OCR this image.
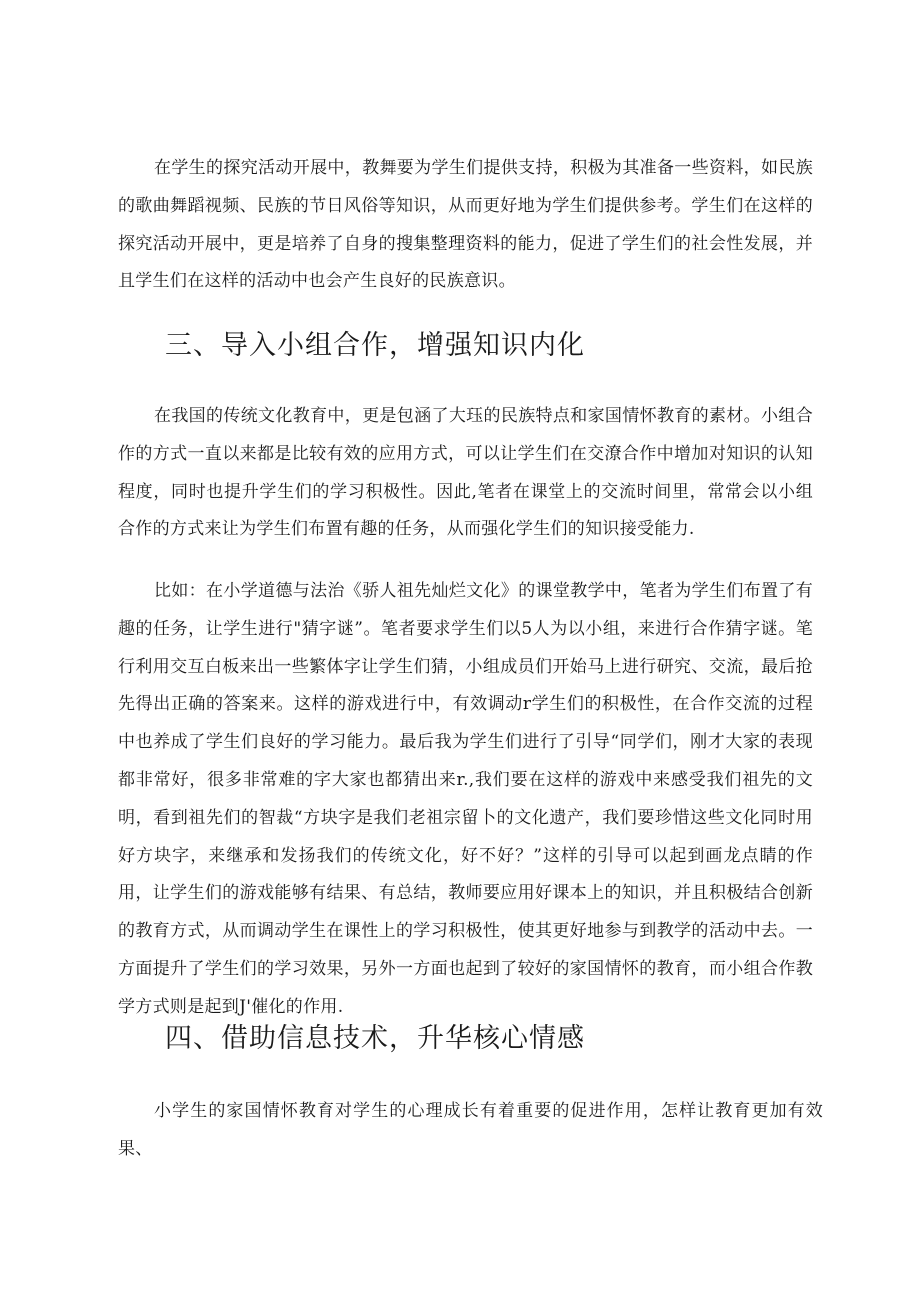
在学生的探究活动开展中，教舞要为学生们提供支持，积极为其准备一些资料，如民族的歌曲舞蹈视频、民族的节日风俗等知识，从而更好地为学生们提供参考。学生们在这样的探究活动开展中，更是培养了自身的搜集整理资料的能力，促进了学生们的社会性发展，并且学生们在这样的活动中也会产生良好的民族意识。

三、导入小组合作，增强知识内化

在我国的传统文化教育中，更是包涵了大珏的民族特点和家国情怀教育的素材。小组合作的方式一直以来都是比较有效的应用方式，可以让学生们在交潦合作中增加对知识的认知程度，同时也提升学生们的学习积极性。因此,笔者在课堂上的交流时间里，常常会以小组合作的方式来让为学生们布置有趣的任务，从而强化学生们的知识接受能力.

比如：在小学道德与法治《骄人祖先灿烂文化》的课堂教学中，笔者为学生们布置了有趣的任务，让学生进行"猜字谜”。笔者要求学生们以5人为以小组，来进行合作猜字谜。笔行利用交互白板来出一些繁体字让学生们猜，小组成员们开始马上进行研究、交流，最后抢先得出正确的答案来。这样的游戏进行中，有效调动r学生们的积极性，在合作交流的过程中也养成了学生们良好的学习能力。最后我为学生们进行了引导“同学们，刚才大家的表现都非常好，很多非常难的字大家也都猜出来r.,我们要在这样的游戏中来感受我们祖先的文明，看到祖先们的智裁“方块字是我们老祖宗留卜的文化遗产，我们要珍惜这些文化同时用好方块字，来继承和发扬我们的传统文化，好不好？”这样的引导可以起到画龙点睛的作用，让学生们的游戏能够有结果、有总结，教师要应用好课本上的知识，并且积极结合创新的教育方式，从而调动学生在课性上的学习积极性，使其更好地参与到教学的活动中去。一方面提升了学生们的学习效果，另外一方面也起到了较好的家国情怀的教育，而小组合作教学方式则是起到J'催化的作用.

四、借助信息技术，升华核心情感

小学生的家国情怀教育对学生的心理成长有着重要的促进作用，怎样让教育更加有效果、
